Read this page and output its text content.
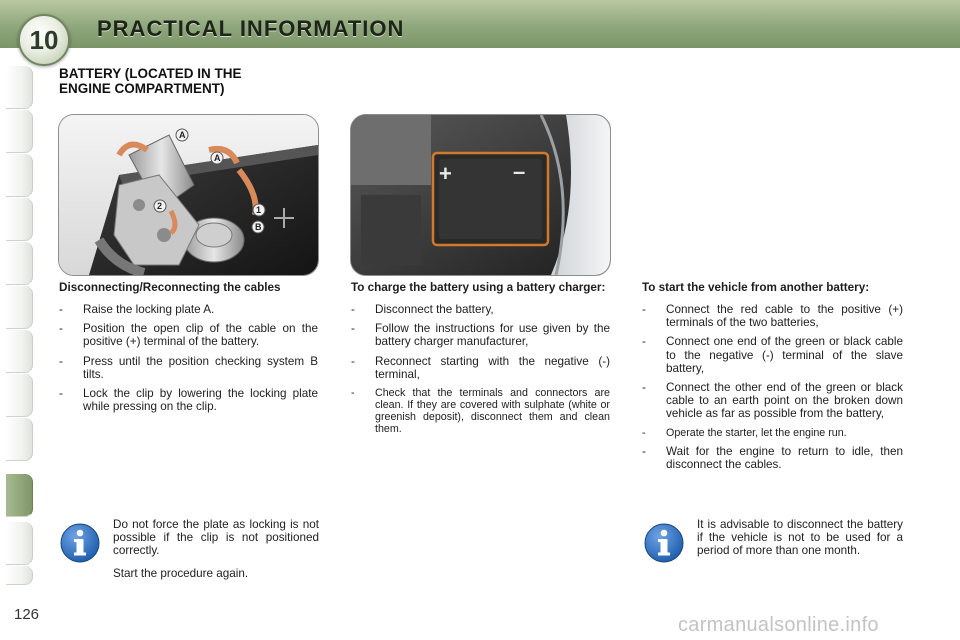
10	PRACTICAL INFORMATION
BATTERY (LOCATED IN THE
ENGINE COMPARTMENT)
A
A
2	1
B
+	–
Disconnecting/Reconnecting the cables
- Raise the locking plate A.
- Position the open clip of the cable on the positive (+) terminal of the battery.
- Press until the position checking system B tilts.
- Lock the clip by lowering the locking plate while pressing on the clip.
To charge the battery using a battery charger:
- Disconnect the battery,
- Follow the instructions for use given by the battery charger manufacturer,
- Reconnect starting with the negative (-) terminal,
- Check that the terminals and connectors are clean. If they are covered with sulphate (white or greenish deposit), disconnect them and clean them.
To start the vehicle from another battery:
- Connect the red cable to the positive (+) terminals of the two batteries,
- Connect one end of the green or black cable to the negative (-) terminal of the slave battery,
- Connect the other end of the green or black cable to an earth point on the broken down vehicle as far as possible from the battery,
- Operate the starter, let the engine run.
- Wait for the engine to return to idle, then disconnect the cables.

Do not force the plate as locking is not possible if the clip is not positioned correctly.

Start the procedure again.

It is advisable to disconnect the battery if the vehicle is not to be used for a period of more than one month.

126	carmanualsonline.info
